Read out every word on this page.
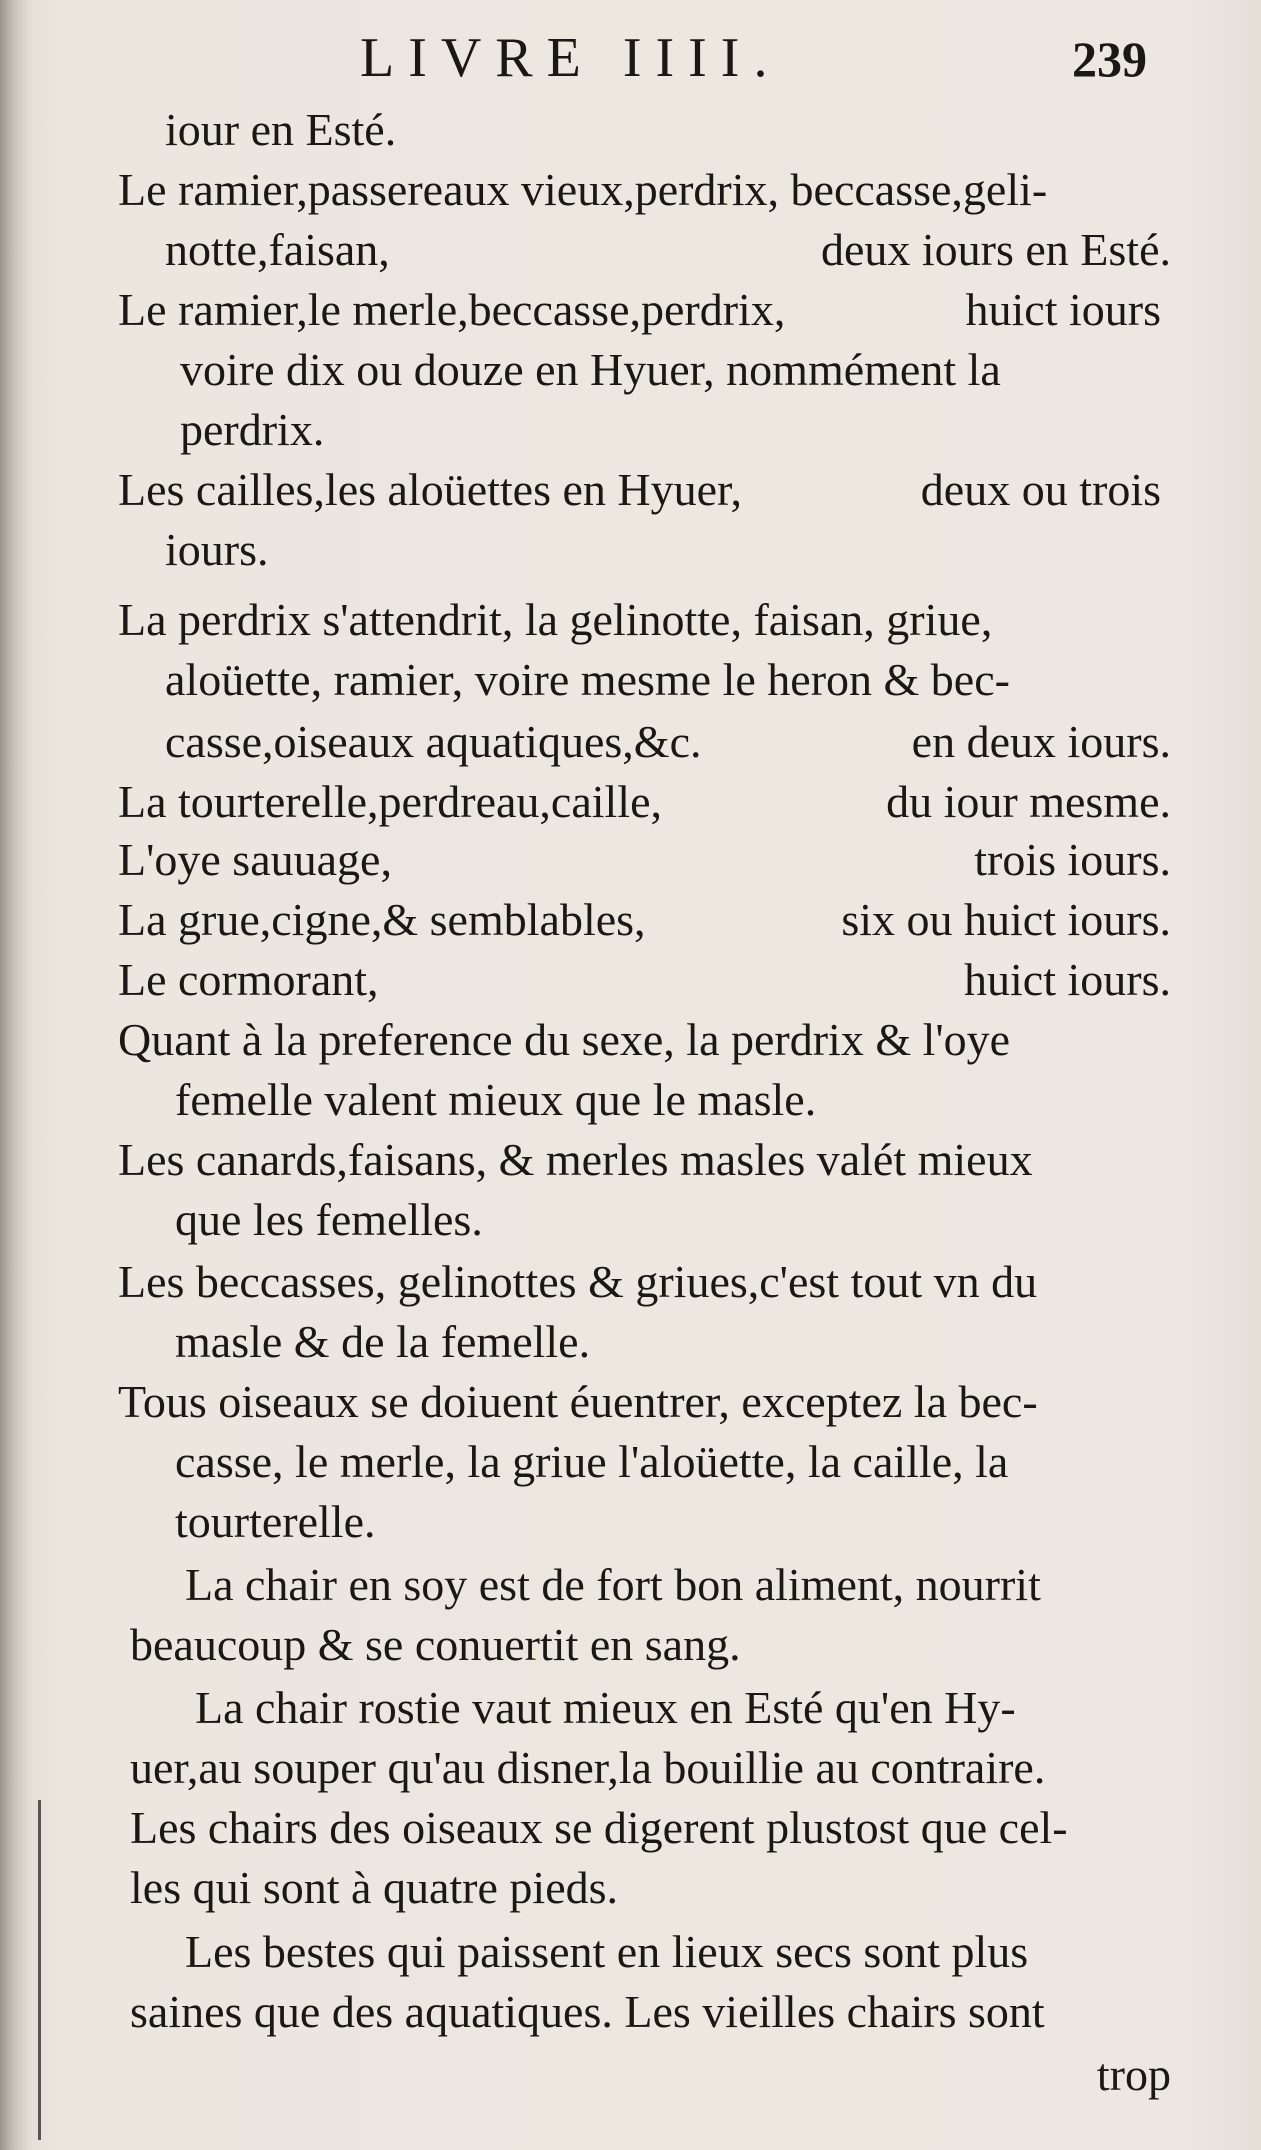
LIVRE IIII.	239
iour en Esté.
Le ramier,passereaux vieux,perdrix, beccasse,geli-
notte,faisan,	deux iours en Esté.
Le ramier,le merle,beccasse,perdrix,	huict iours
voire dix ou douze en Hyuer, nommément la
perdrix.
Les cailles,les aloüettes en Hyuer,	deux ou trois
iours.
La perdrix s'attendrit, la gelinotte, faisan, griue,
aloüette, ramier, voire mesme le heron & bec-
casse,oiseaux aquatiques,&c.	en deux iours.
La tourterelle,perdreau,caille,	du iour mesme.
L'oye sauuage,	trois iours.
La grue,cigne,& semblables,	six ou huict iours.
Le cormorant,	huict iours.
Quant à la preference du sexe, la perdrix & l'oye
femelle valent mieux que le masle.
Les canards,faisans, & merles masles valét mieux
que les femelles.
Les beccasses, gelinottes & griues,c'est tout vn du
masle & de la femelle.
Tous oiseaux se doiuent éuentrer, exceptez la bec-
casse, le merle, la griue l'aloüette, la caille, la
tourterelle.
La chair en soy est de fort bon aliment, nourrit
beaucoup & se conuertit en sang.
La chair rostie vaut mieux en Esté qu'en Hy-
uer,au souper qu'au disner,la bouillie au contraire.
Les chairs des oiseaux se digerent plustost que cel-
les qui sont à quatre pieds.
Les bestes qui paissent en lieux secs sont plus
saines que des aquatiques. Les vieilles chairs sont
trop
